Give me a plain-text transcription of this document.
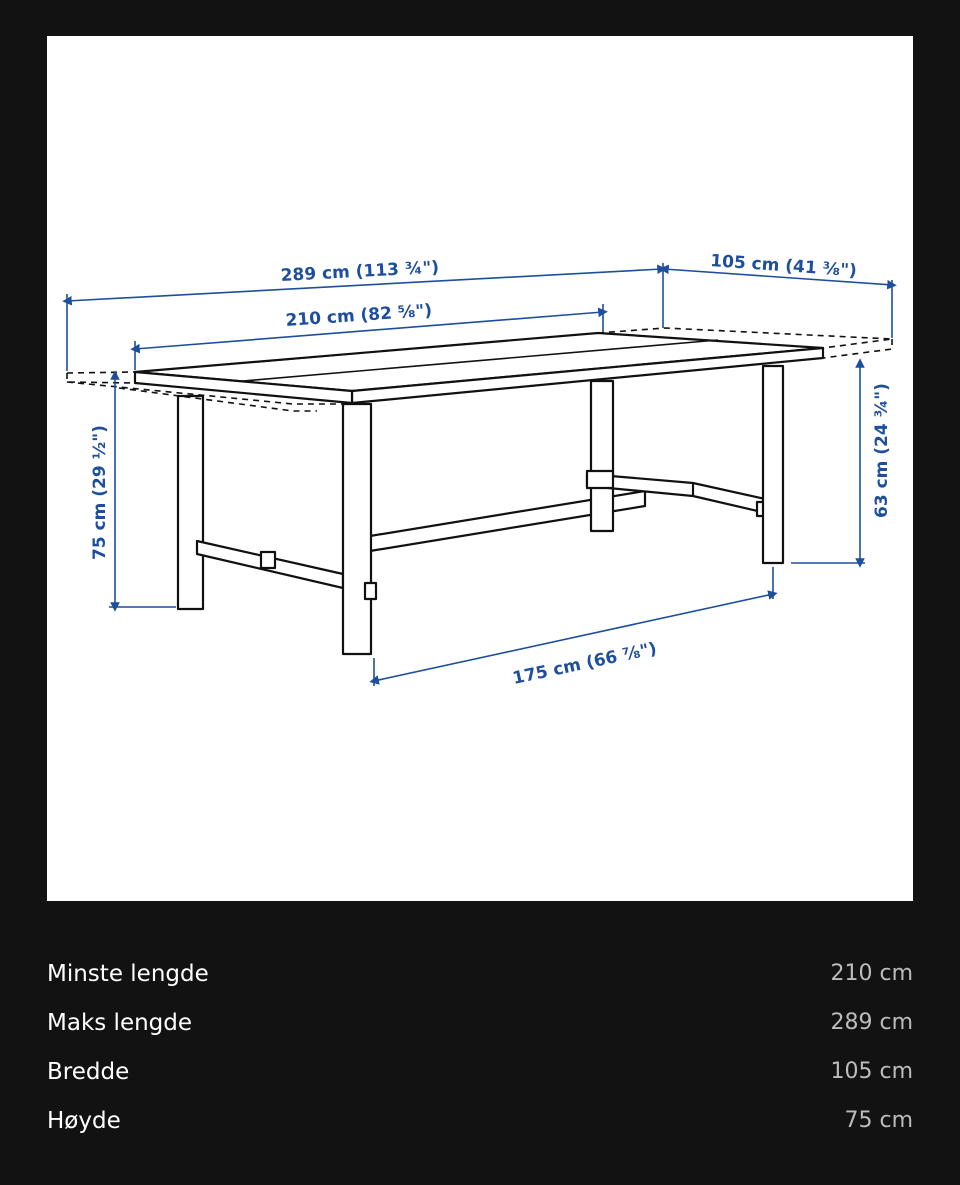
289 cm (113 ¾")
210 cm (82 ⅝")
105 cm (41 ⅜")
75 cm (29 ½")	63 cm (24 ¾")
175 cm (66 ⅞")
Minste lengde	210 cm
Maks lengde	289 cm
Bredde	105 cm
Høyde	75 cm
